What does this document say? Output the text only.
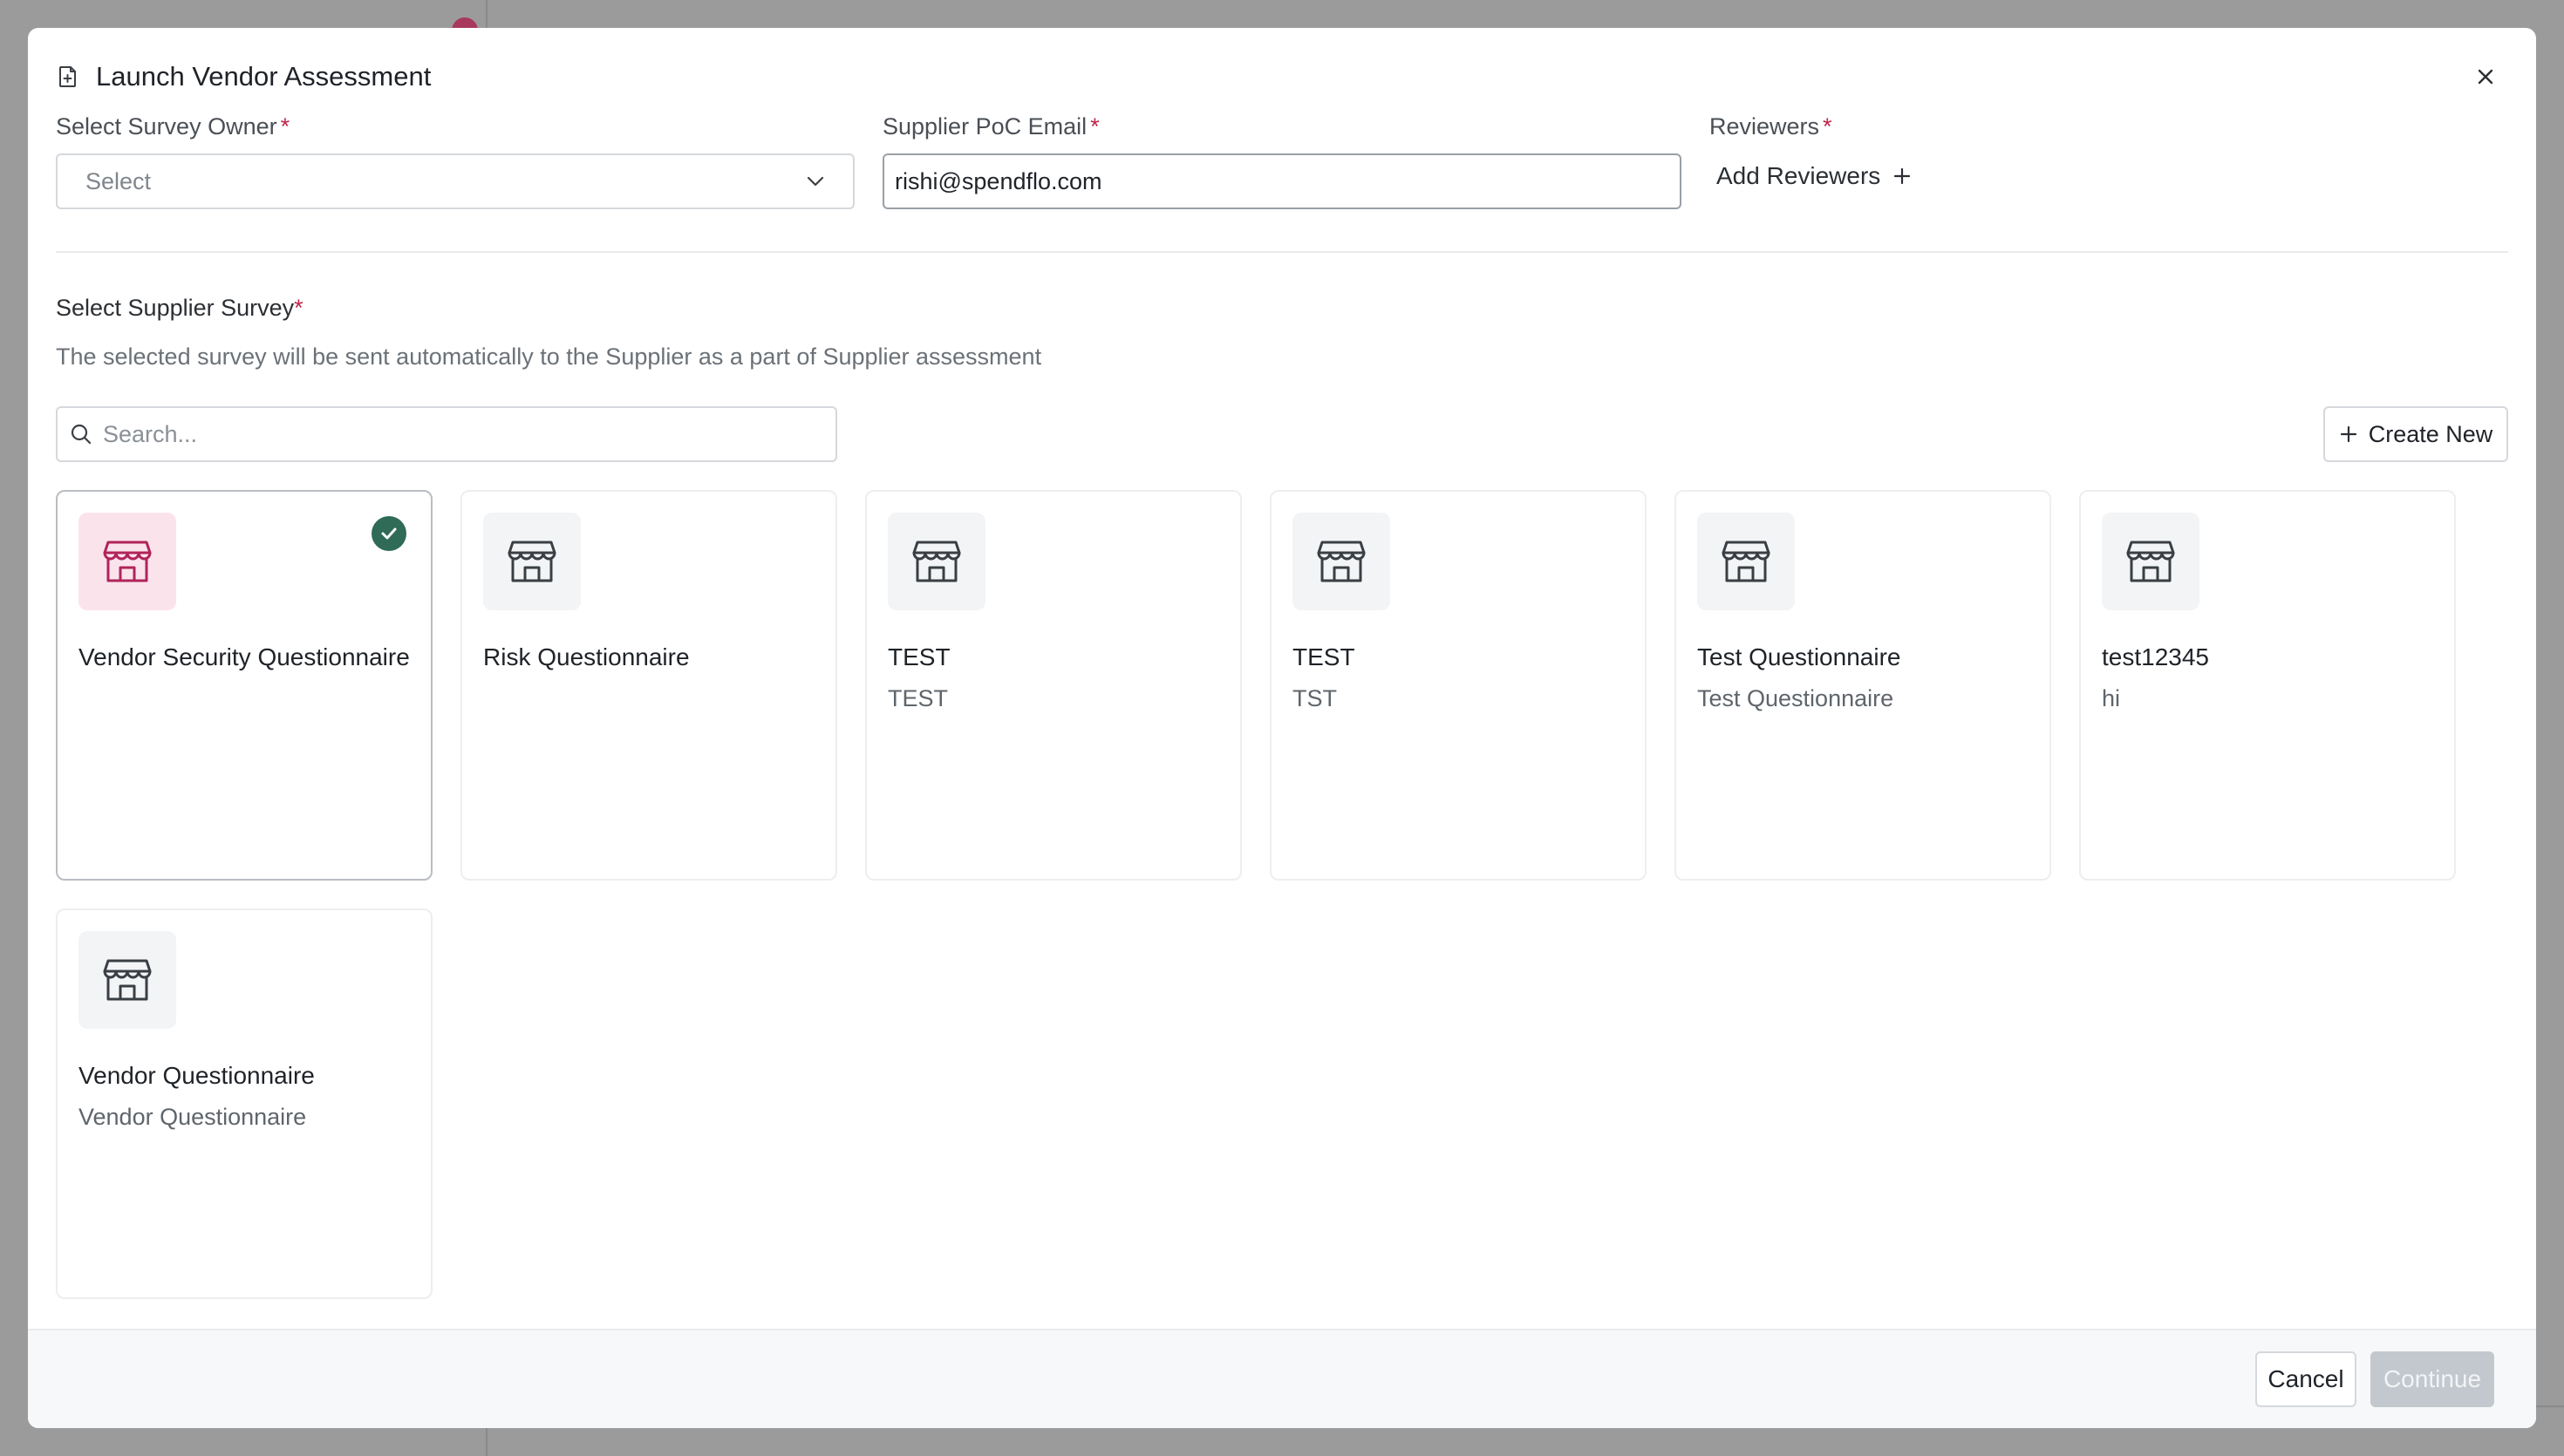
Launch Vendor Assessment
Select Survey Owner *
Select
Supplier PoC Email *
rishi@spendflo.com
Reviewers *
Add Reviewers
Select Supplier Survey*
The selected survey will be sent automatically to the Supplier as a part of Supplier assessment
Search...
Create New
Vendor Security Questionnaire	Risk Questionnaire	TEST
TEST
TEST
TST
Test Questionnaire
Test Questionnaire
test12345
hi
Vendor Questionnaire
Vendor Questionnaire
Cancel	Continue
